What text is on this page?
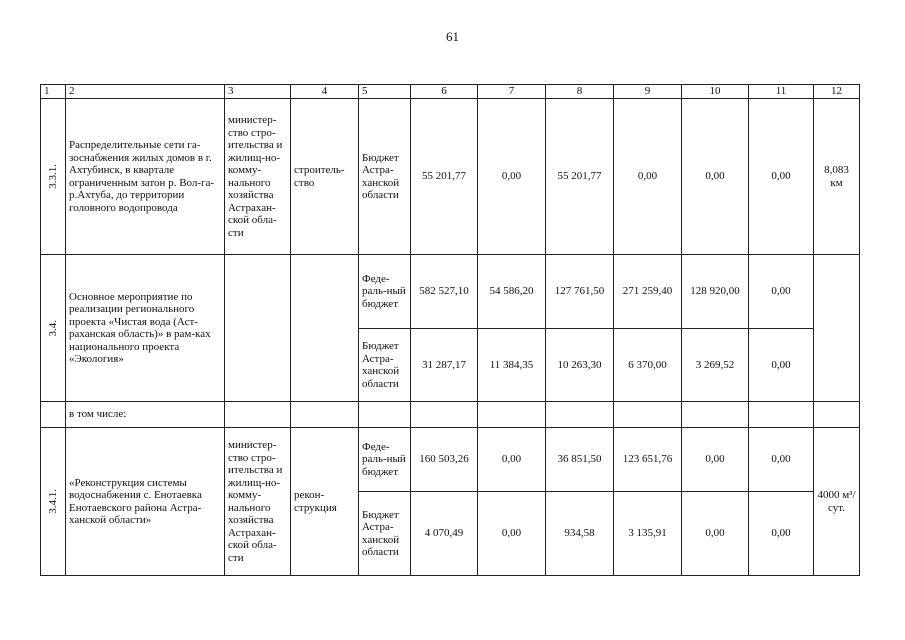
61
1	2	3	4	5	6	7	8	9	10	11	12

3.3.1.	Распределительные сети га-зоснабжения жилых домов в г. Ахтубинск, в квартале ограниченным затон р. Вол-га-р.Ахтуба, до территории головного водопровода	министер-ство стро-ительства и жилищ-но-комму-нального хозяйства Астрахан-ской обла-сти	строитель-ство	Бюджет Астра-ханской области	55 201,77	0,00	55 201,77	0,00	0,00	0,00	8,083 км

3.4.	Основное мероприятие по реализации регионального проекта «Чистая вода (Аст-раханская область)» в рам-ках национального проекта «Экология»			Феде-раль-ный бюджет	582 527,10	54 586,20	127 761,50	271 259,40	128 920,00	0,00	
				Бюджет Астра-ханской области	31 287,17	11 384,35	10 263,30	6 370,00	3 269,52	0,00	
	в том числе:										

3.4.1.	«Реконструкция системы водоснабжения с. Енотаевка Енотаевского района Астра-ханской области»	министер-ство стро-ительства и жилищ-но-комму-нального хозяйства Астрахан-ской обла-сти	рекон-струкция	Феде-раль-ный бюджет	160 503,26	0,00	36 851,50	123 651,76	0,00	0,00	4000 м³/сут.
				Бюджет Астра-ханской области	4 070,49	0,00	934,58	3 135,91	0,00	0,00	
